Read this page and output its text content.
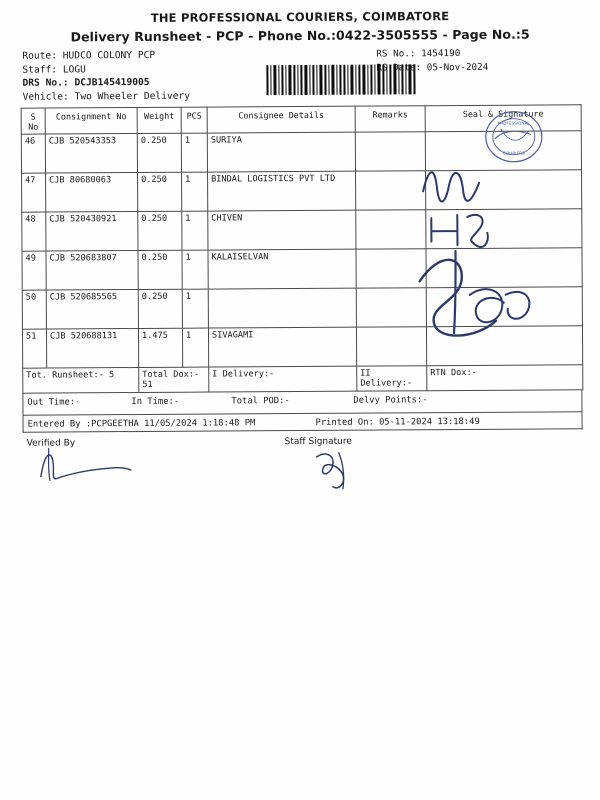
THE PROFESSIONAL COURIERS, COIMBATORE
Delivery Runsheet - PCP - Phone No.:0422-3505555 - Page No.:5
Route: HUDCO COLONY PCP
Staff: LOGU
DRS No.: DCJB145419005
Vehicle: Two Wheeler Delivery
RS No.: 1454190
RS Date: 05-Nov-2024
S No	Consignment No	Weight	PCS	Consignee Details	Remarks	Seal & Signature
46	CJB 520543353	0.250	1	SURIYA		
47	CJB 80680063	0.250	1	BINDAL LOGISTICS PVT LTD		
48	CJB 520430921	0.250	1	CHIVEN		
49	CJB 520683807	0.250	1	KALAISELVAN		
50	CJB 520685565	0.250	1			
51	CJB 520688131	1.475	1	SIVAGAMI		
Tot. Runsheet:- 5		Total Dox:- 51		I Delivery:-	II Delivery:-	RTN Dox:-
Out Time:-	In Time:-	Total POD:-	Delvy Points:-
Entered By :PCPGEETHA 11/05/2024 1:18:48 PM	Printed On: 05-11-2024 13:18:49
Verified By	Staff Signature
PROFESSIONAL
COURIERS
